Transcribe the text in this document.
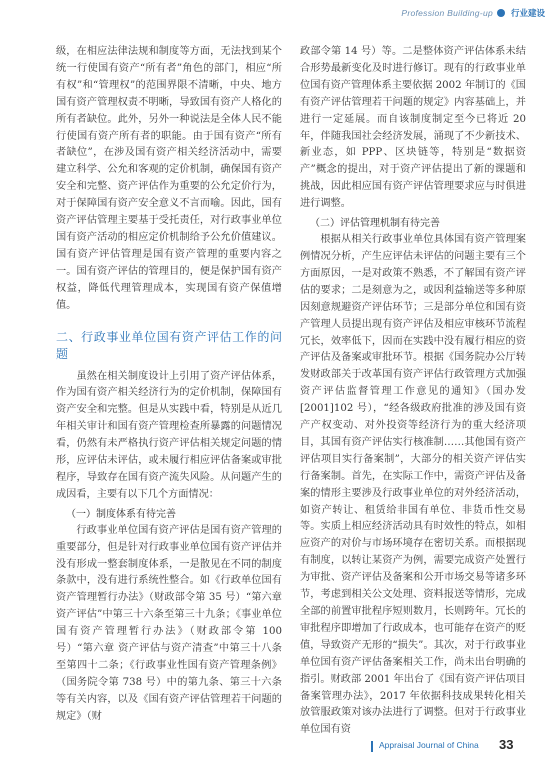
Profession Building-up 行业建设

级，在相应法律法规和制度等方面，无法找到某个统一行使国有资产“所有者”角色的部门，相应“所有权”和“管理权”的范围界限不清晰，中央、地方国有资产管理权责不明晰，导致国有资产人格化的所有者缺位。此外，另外一种说法是全体人民不能行使国有资产所有者的职能。由于国有资产“所有者缺位”，在涉及国有资产相关经济活动中，需要建立科学、公允和客观的定价机制，确保国有资产安全和完整、资产评估作为重要的公允定价行为，对于保障国有资产安全意义不言而喻。因此，国有资产评估管理主要基于受托责任，对行政事业单位国有资产活动的相应定价机制给予公允价值建议。国有资产评估管理是国有资产管理的重要内容之一。国有资产评估的管理目的，便是保护国有资产权益，降低代理管理成本，实现国有资产保值增值。

二、行政事业单位国有资产评估工作的问题

虽然在相关制度设计上引用了资产评估体系，作为国有资产相关经济行为的定价机制，保障国有资产安全和完整。但是从实践中看，特别是从近几年相关审计和国有资产管理检查所暴露的问题情况看，仍然有未严格执行资产评估相关规定问题的情形，应评估未评估，或未履行相应评估备案或审批程序，导致存在国有资产流失风险。从问题产生的成因看，主要有以下几个方面情况：

（一）制度体系有待完善

行政事业单位国有资产评估是国有资产管理的重要部分，但是针对行政事业单位国有资产评估并没有形成一整套制度体系，一是散见在不同的制度条款中，没有进行系统性整合。如《行政单位国有资产管理暂行办法》（财政部令第 35 号）“第六章 资产评估”中第三十六条至第三十九条；《事业单位国有资产管理暂行办法》（财政部令第 100 号）“第六章 资产评估与资产清查”中第三十八条至第四十二条；《行政事业性国有资产管理条例》（国务院令第 738 号）中的第九条、第三十六条等有关内容，以及《国有资产评估管理若干问题的规定》（财

政部令第 14 号）等。二是整体资产评估体系未结合形势最新变化及时进行修订。现有的行政事业单位国有资产管理体系主要依据 2002 年制订的《国有资产评估管理若干问题的规定》内容基础上，并进行一定延展。而自该制度制定至今已将近 20 年，伴随我国社会经济发展，涌现了不少新技术、新业态，如 PPP、区块链等，特别是“数据资产”概念的提出，对于资产评估提出了新的课题和挑战，因此相应国有资产评估管理要求应与时俱进进行调整。

（二）评估管理机制有待完善

根据从相关行政事业单位具体国有资产管理案例情况分析，产生应评估未评估的问题主要有三个方面原因，一是对政策不熟悉，不了解国有资产评估的要求；二是刻意为之，或因利益输送等多种原因刻意规避资产评估环节；三是部分单位和国有资产管理人员提出现有资产评估及相应审核环节流程冗长，效率低下，因而在实践中没有履行相应的资产评估及备案或审批环节。根据《国务院办公厅转发财政部关于改革国有资产评估行政管理方式加强资产评估监督管理工作意见的通知》（国办发[2001]102 号），“经各级政府批准的涉及国有资产产权变动、对外投资等经济行为的重大经济项目，其国有资产评估实行核准制……其他国有资产评估项目实行备案制”，大部分的相关资产评估实行备案制。首先，在实际工作中，需资产评估及备案的情形主要涉及行政事业单位的对外经济活动，如资产转让、租赁给非国有单位、非货币性交易等。实质上相应经济活动具有时效性的特点，如相应资产的对价与市场环境存在密切关系。而根据现有制度，以转让某资产为例，需要完成资产处置行为审批、资产评估及备案和公开市场交易等诸多环节，考虑到相关公文处理、资料报送等情形，完成全部的前置审批程序短则数月，长则跨年。冗长的审批程序即增加了行政成本，也可能存在资产的贬值，导致资产无形的“损失”。其次，对于行政事业单位国有资产评估备案相关工作，尚未出台明确的指引。财政部 2001 年出台了《国有资产评估项目备案管理办法》，2017 年依据科技成果转化相关放管服政策对该办法进行了调整。但对于行政事业单位国有资

Appraisal Journal of China 33
